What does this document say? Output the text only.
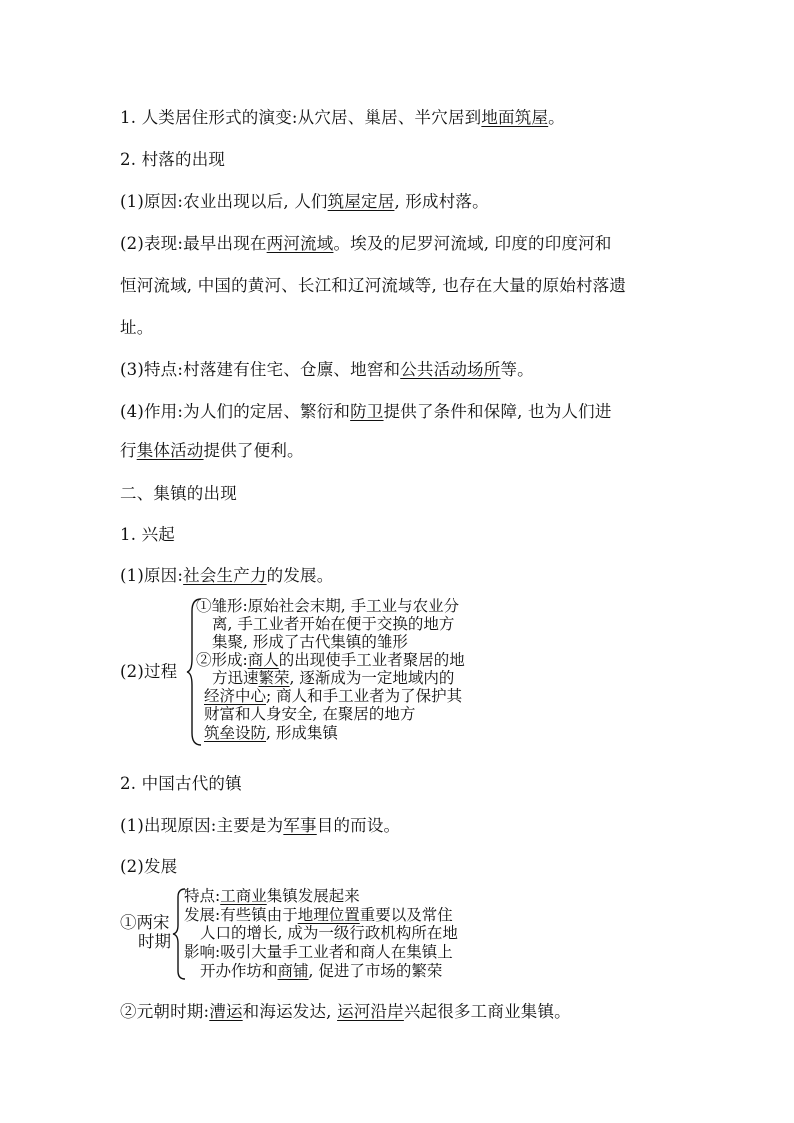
1. 人类居住形式的演变:从穴居、巢居、半穴居到地面筑屋。
2. 村落的出现
(1)原因:农业出现以后, 人们筑屋定居, 形成村落。
(2)表现:最早出现在两河流域。埃及的尼罗河流域, 印度的印度河和
恒河流域, 中国的黄河、长江和辽河流域等, 也存在大量的原始村落遗
址。
(3)特点:村落建有住宅、仓廪、地窖和公共活动场所等。
(4)作用:为人们的定居、繁衍和防卫提供了条件和保障, 也为人们进
行集体活动提供了便利。
二、集镇的出现
1. 兴起
(1)原因:社会生产力的发展。
(2)过程
①雏形:原始社会末期, 手工业与农业分
离, 手工业者开始在便于交换的地方
集聚, 形成了古代集镇的雏形
②形成:商人的出现使手工业者聚居的地
方迅速繁荣, 逐渐成为一定地域内的
经济中心; 商人和手工业者为了保护其
财富和人身安全, 在聚居的地方
筑垒设防, 形成集镇
2. 中国古代的镇
(1)出现原因:主要是为军事目的而设。
(2)发展
①两宋
时期
特点:工商业集镇发展起来
发展:有些镇由于地理位置重要以及常住
人口的增长, 成为一级行政机构所在地
影响:吸引大量手工业者和商人在集镇上
开办作坊和商铺, 促进了市场的繁荣
②元朝时期:漕运和海运发达, 运河沿岸兴起很多工商业集镇。
